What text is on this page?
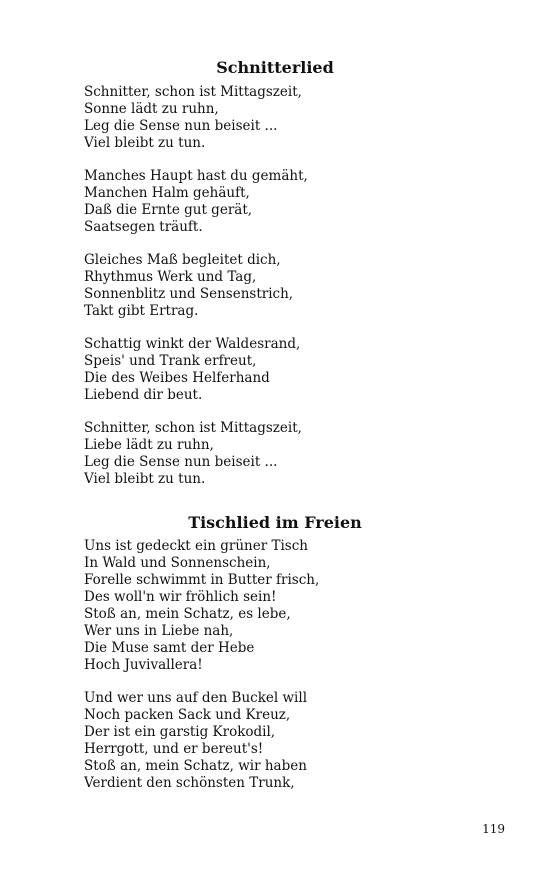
Schnitterlied
Schnitter, schon ist Mittagszeit,
Sonne lädt zu ruhn,
Leg die Sense nun beiseit ...
Viel bleibt zu tun.
Manches Haupt hast du gemäht,
Manchen Halm gehäuft,
Daß die Ernte gut gerät,
Saatsegen träuft.
Gleiches Maß begleitet dich,
Rhythmus Werk und Tag,
Sonnenblitz und Sensenstrich,
Takt gibt Ertrag.
Schattig winkt der Waldesrand,
Speis' und Trank erfreut,
Die des Weibes Helferhand
Liebend dir beut.
Schnitter, schon ist Mittagszeit,
Liebe lädt zu ruhn,
Leg die Sense nun beiseit ...
Viel bleibt zu tun.
Tischlied im Freien
Uns ist gedeckt ein grüner Tisch
In Wald und Sonnenschein,
Forelle schwimmt in Butter frisch,
Des woll'n wir fröhlich sein!
Stoß an, mein Schatz, es lebe,
Wer uns in Liebe nah,
Die Muse samt der Hebe
Hoch Juvivallera!
Und wer uns auf den Buckel will
Noch packen Sack und Kreuz,
Der ist ein garstig Krokodil,
Herrgott, und er bereut's!
Stoß an, mein Schatz, wir haben
Verdient den schönsten Trunk,
119
